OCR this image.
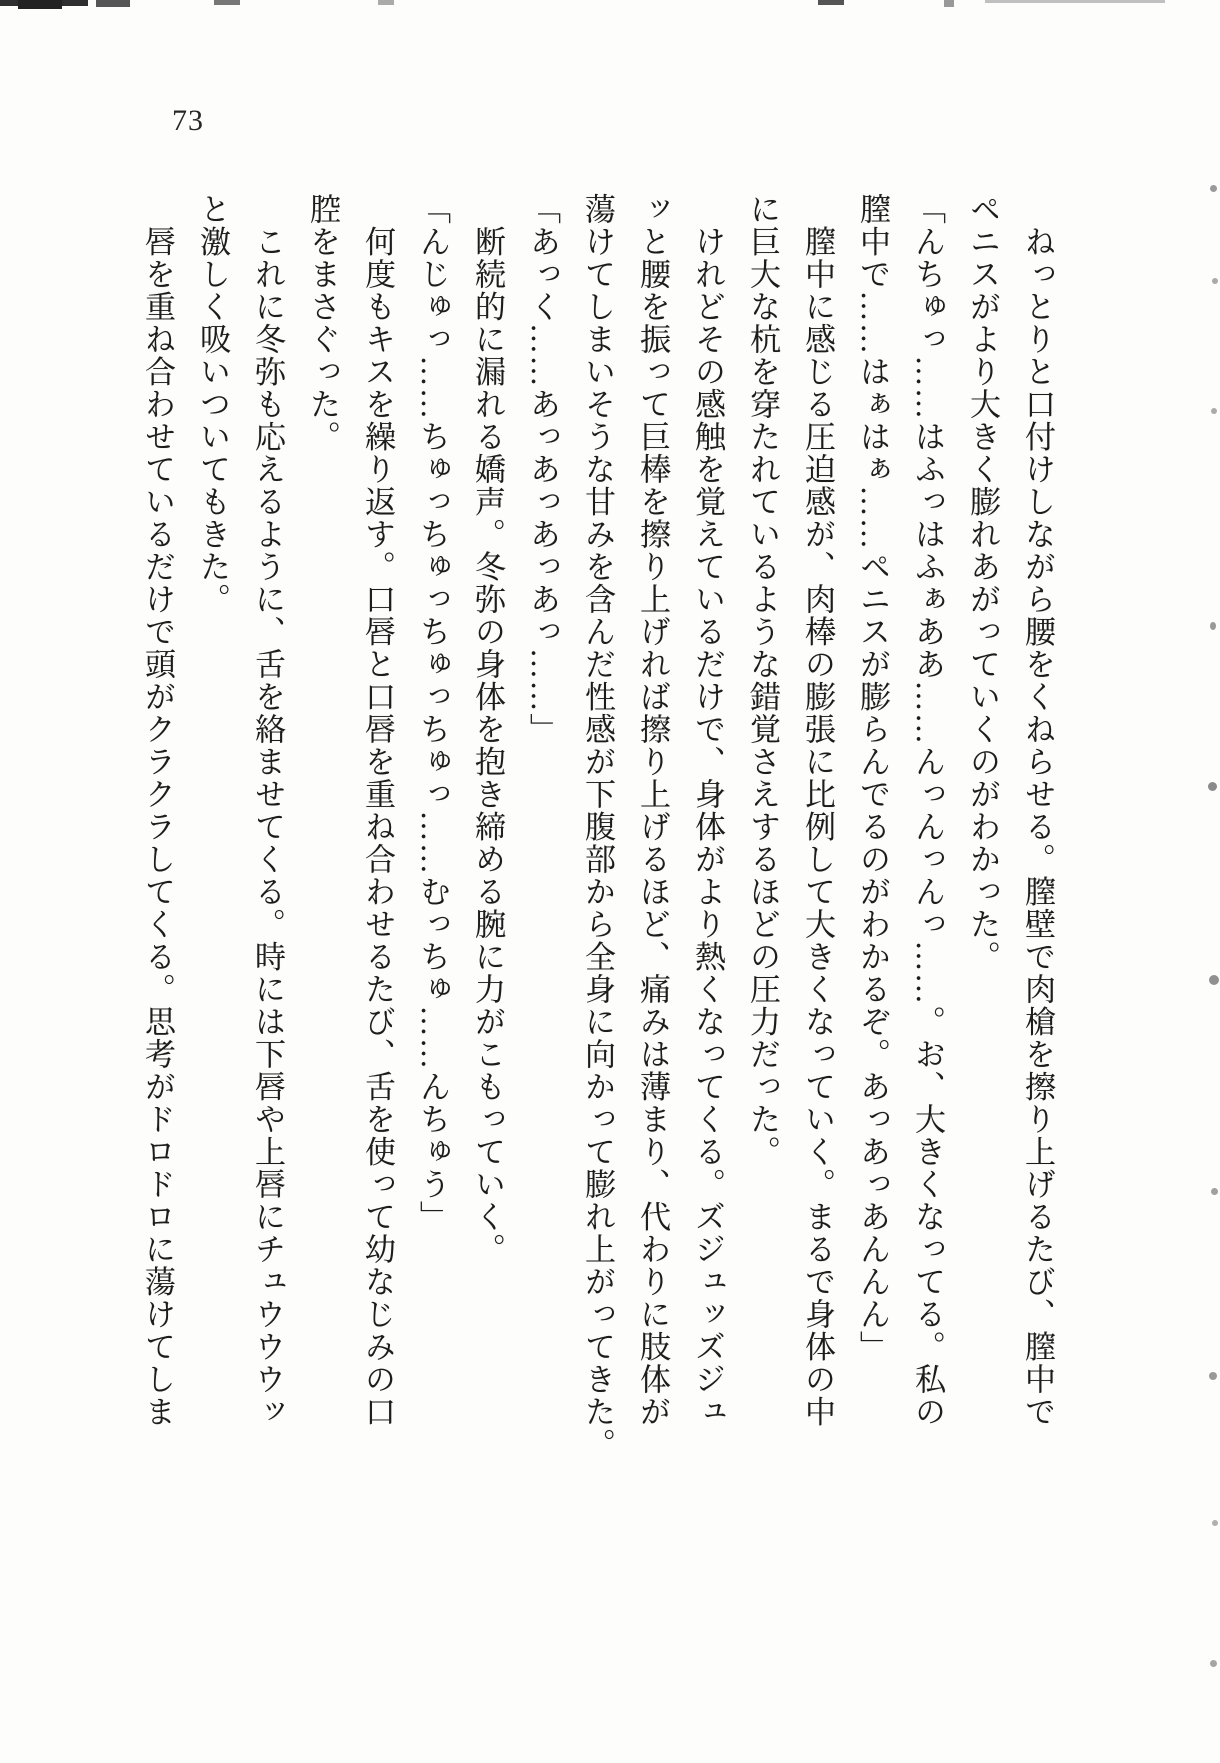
73
　ねっとりと口付けしながら腰をくねらせる。膣壁で肉槍を擦り上げるたび、膣中で
ペニスがより大きく膨れあがっていくのがわかった。
「んちゅっ……はふっはふぁああ……んっんっんっ……。お、大きくなってる。私の
膣中で……はぁはぁ……ペニスが膨らんでるのがわかるぞ。あっあっあんんん」
　膣中に感じる圧迫感が、肉棒の膨張に比例して大きくなっていく。まるで身体の中
に巨大な杭を穿たれているような錯覚さえするほどの圧力だった。
　けれどその感触を覚えているだけで、身体がより熱くなってくる。ズジュッズジュ
ッと腰を振って巨棒を擦り上げれば擦り上げるほど、痛みは薄まり、代わりに肢体が
蕩けてしまいそうな甘みを含んだ性感が下腹部から全身に向かって膨れ上がってきた。
「あっく……あっあっあっあっ……」
　断続的に漏れる嬌声。冬弥の身体を抱き締める腕に力がこもっていく。
「んじゅっ……ちゅっちゅっちゅっちゅっ……むっちゅ……んちゅう」
　何度もキスを繰り返す。口唇と口唇を重ね合わせるたび、舌を使って幼なじみの口
腔をまさぐった。
　これに冬弥も応えるように、舌を絡ませてくる。時には下唇や上唇にチュウウウッ
と激しく吸いついてもきた。
　唇を重ね合わせているだけで頭がクラクラしてくる。思考がドロドロに蕩けてしま
